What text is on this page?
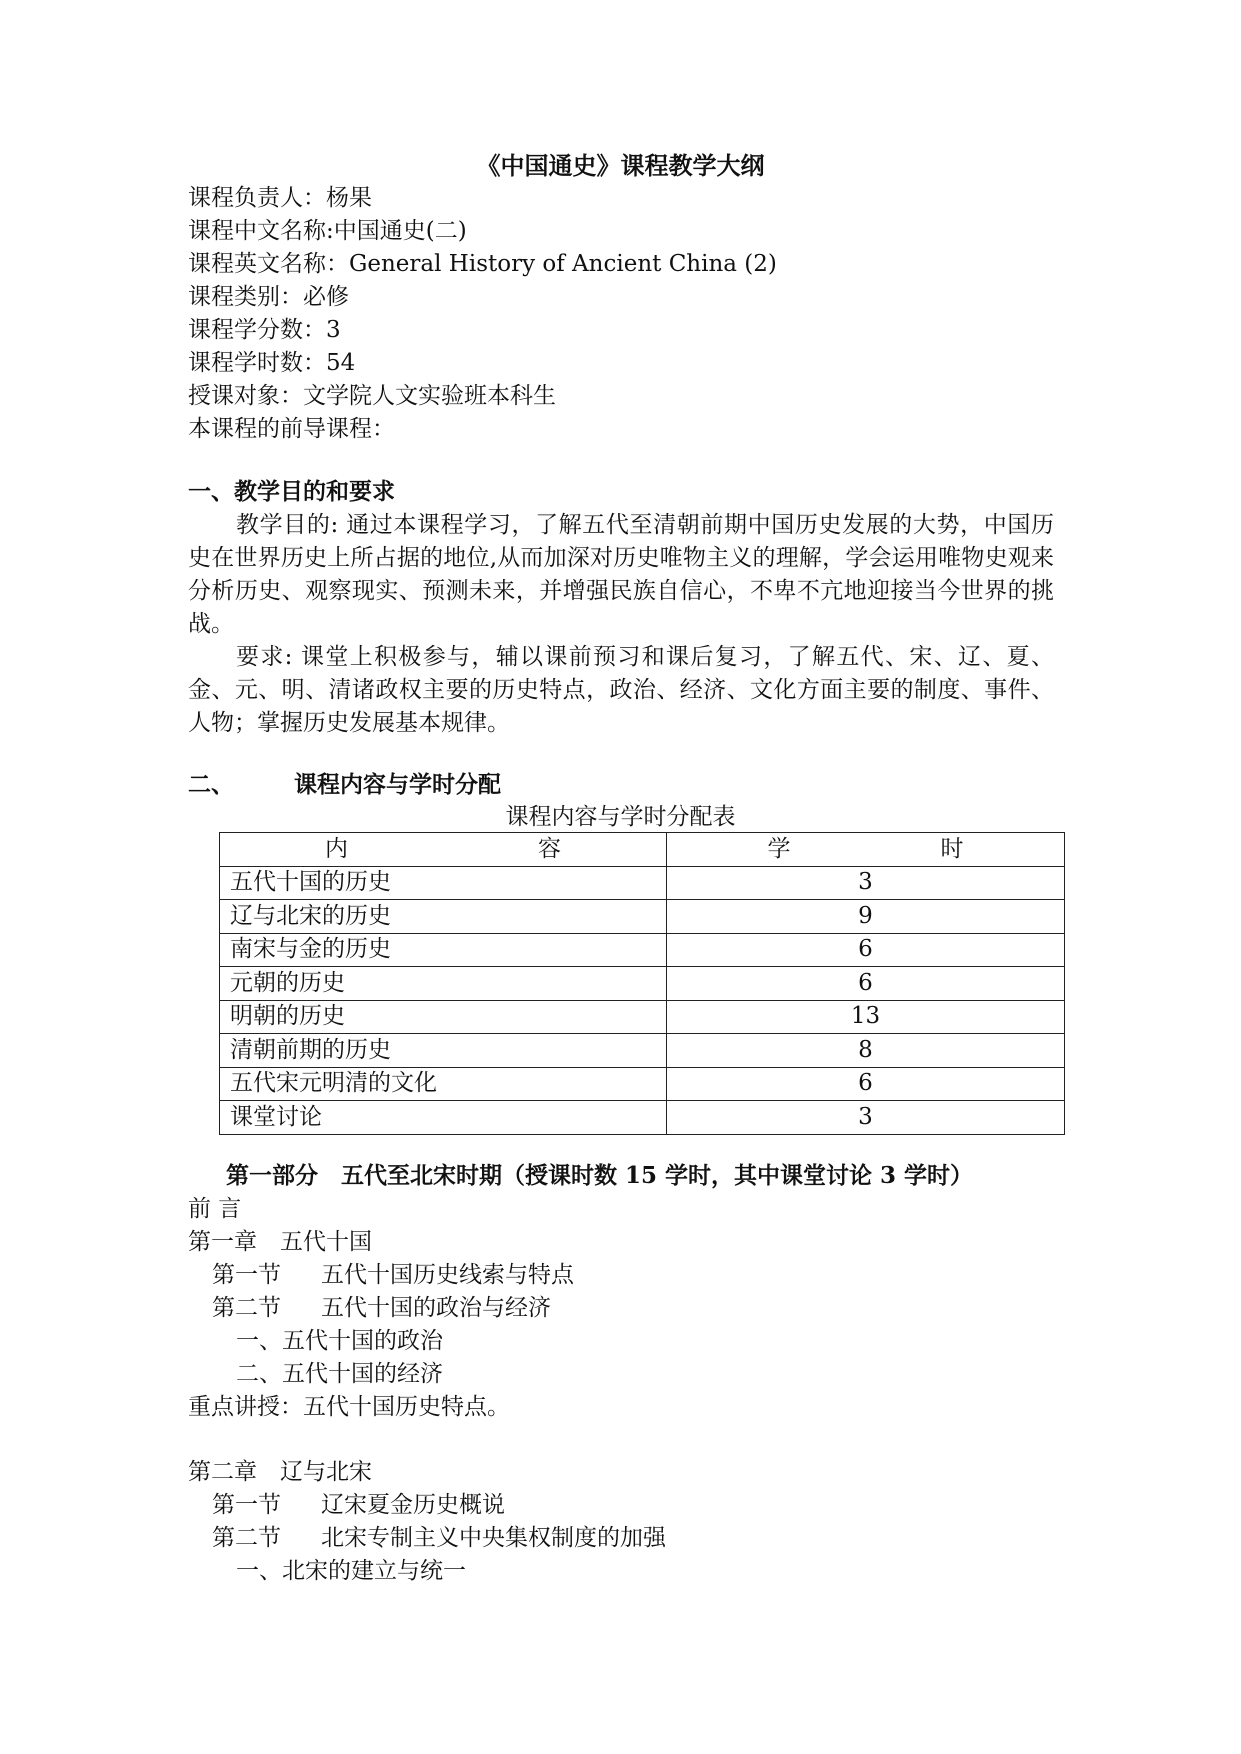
《中国通史》课程教学大纲
课程负责人：杨果
课程中文名称:中国通史(二)
课程英文名称：General History of Ancient China (2)
课程类别：必修
课程学分数：3
课程学时数：54
授课对象：文学院人文实验班本科生
本课程的前导课程：
一、教学目的和要求

教学目的: 通过本课程学习，了解五代至清朝前期中国历史发展的大势，中国历史在世界历史上所占据的地位,从而加深对历史唯物主义的理解，学会运用唯物史观来分析历史、观察现实、预测未来，并增强民族自信心，不卑不亢地迎接当今世界的挑战。

要求: 课堂上积极参与，辅以课前预习和课后复习，了解五代、宋、辽、夏、金、元、明、清诸政权主要的历史特点，政治、经济、文化方面主要的制度、事件、人物；掌握历史发展基本规律。

二、	课程内容与学时分配
课程内容与学时分配表
内 容	学 时
五代十国的历史	3
辽与北宋的历史	9
南宋与金的历史	6
元朝的历史	6
明朝的历史	13
清朝前期的历史	8
五代宋元明清的文化	6
课堂讨论	3
第一部分　五代至北宋时期（授课时数 15 学时，其中课堂讨论 3 学时）
前 言
第一章　五代十国
第一节 五代十国历史线索与特点
第二节 五代十国的政治与经济
一、五代十国的政治
二、五代十国的经济
重点讲授：五代十国历史特点。
第二章　辽与北宋
第一节 辽宋夏金历史概说
第二节 北宋专制主义中央集权制度的加强
一、北宋的建立与统一
